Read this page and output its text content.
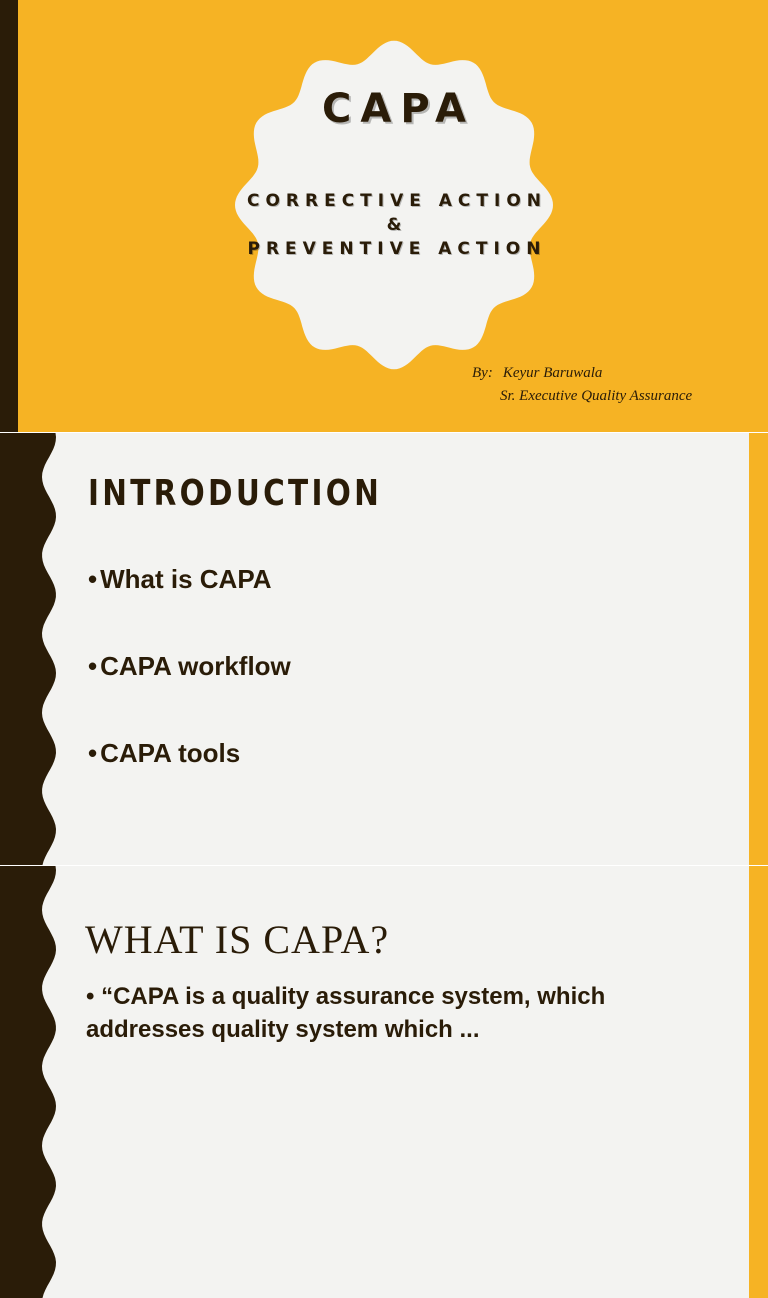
CAPA
CORRECTIVE ACTION
&
PREVENTIVE ACTION
By: Keyur Baruwala
Sr. Executive Quality Assurance
INTRODUCTION
• What is CAPA
• CAPA workflow
• CAPA tools
WHAT IS CAPA?
• “CAPA is a quality assurance system, which
addresses quality system which ...
